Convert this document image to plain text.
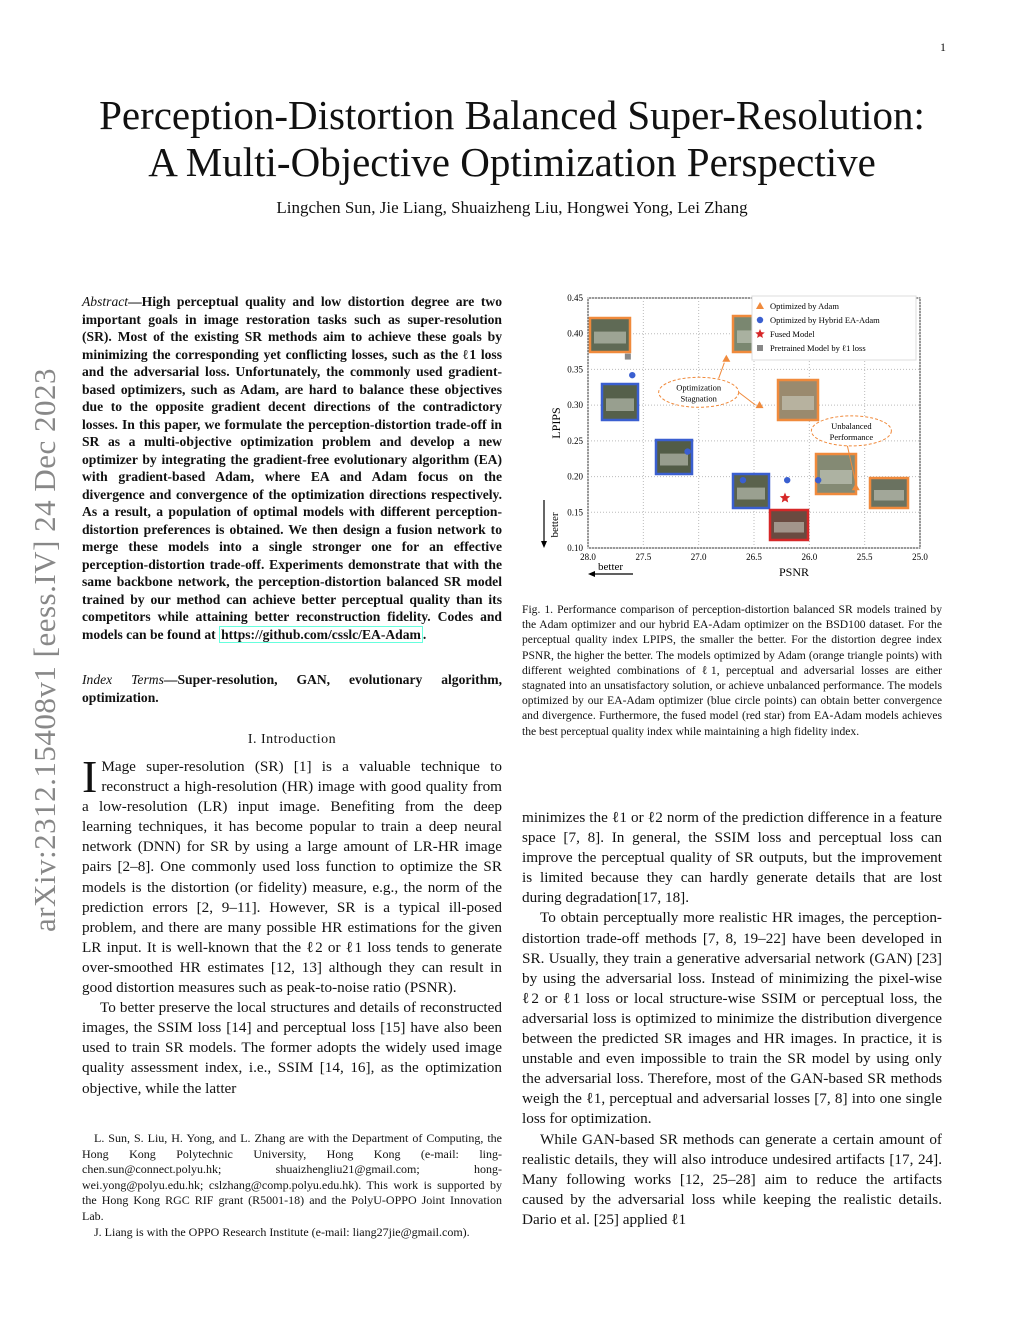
1
arXiv:2312.15408v1 [eess.IV] 24 Dec 2023
Perception-Distortion Balanced Super-Resolution:
A Multi-Objective Optimization Perspective
Lingchen Sun, Jie Liang, Shuaizheng Liu, Hongwei Yong, Lei Zhang
Abstract—High perceptual quality and low distortion degree are two important goals in image restoration tasks such as super-resolution (SR). Most of the existing SR methods aim to achieve these goals by minimizing the corresponding yet conflicting losses, such as the ℓ1 loss and the adversarial loss. Unfortunately, the commonly used gradient-based optimizers, such as Adam, are hard to balance these objectives due to the opposite gradient decent directions of the contradictory losses. In this paper, we formulate the perception-distortion trade-off in SR as a multi-objective optimization problem and develop a new optimizer by integrating the gradient-free evolutionary algorithm (EA) with gradient-based Adam, where EA and Adam focus on the divergence and convergence of the optimization directions respectively. As a result, a population of optimal models with different perception-distortion preferences is obtained. We then design a fusion network to merge these models into a single stronger one for an effective perception-distortion trade-off. Experiments demonstrate that with the same backbone network, the perception-distortion balanced SR model trained by our method can achieve better perceptual quality than its competitors while attaining better reconstruction fidelity. Codes and models can be found at https://github.com/csslc/EA-Adam .
Index Terms—Super-resolution, GAN, evolutionary algorithm, optimization.
I. Introduction

I Mage super-resolution (SR) [1] is a valuable technique to reconstruct a high-resolution (HR) image with good quality from a low-resolution (LR) input image. Benefiting from the deep learning techniques, it has become popular to train a deep neural network (DNN) for SR by using a large amount of LR-HR image pairs [2–8]. One commonly used loss function to optimize the SR models is the distortion (or fidelity) measure, e.g., the norm of the prediction errors [2, 9–11]. However, SR is a typical ill-posed problem, and there are many possible HR estimations for the given LR input. It is well-known that the ℓ2 or ℓ1 loss tends to generate over-smoothed HR estimates [12, 13] although they can result in good distortion measures such as peak-to-noise ratio (PSNR).

To better preserve the local structures and details of reconstructed images, the SSIM loss [14] and perceptual loss [15] have also been used to train SR models. The former adopts the widely used image quality assessment index, i.e., SSIM [14, 16], as the optimization objective, while the latter

L. Sun, S. Liu, H. Yong, and L. Zhang are with the Department of Computing, the Hong Kong Polytechnic University, Hong Kong (e-mail: ling-chen.sun@connect.polyu.hk; shuaizhengliu21@gmail.com; hong-wei.yong@polyu.edu.hk; cslzhang@comp.polyu.edu.hk). This work is supported by the Hong Kong RGC RIF grant (R5001-18) and the PolyU-OPPO Joint Innovation Lab.

J. Liang is with the OPPO Research Institute (e-mail: liang27jie@gmail.com).

28.0	27.5	27.0	26.5	26.0	25.5	25.0
0.10
0.15
0.20
0.25
0.30
0.35
0.40
0.45
PSNR
LPIPS
better
better
Optimization
Stagnation
Unbalanced
Performance
Optimized by Adam
Optimized by Hybrid EA-Adam
Fused Model
Pretrained Model by ℓ1 loss
Fig. 1. Performance comparison of perception-distortion balanced SR models trained by the Adam optimizer and our hybrid EA-Adam optimizer on the BSD100 dataset. For the perceptual quality index LPIPS, the smaller the better. For the distortion degree index PSNR, the higher the better. The models optimized by Adam (orange triangle points) with different weighted combinations of ℓ1, perceptual and adversarial losses are either stagnated into an unsatisfactory solution, or achieve unbalanced performance. The models optimized by our EA-Adam optimizer (blue circle points) can obtain better convergence and divergence. Furthermore, the fused model (red star) from EA-Adam models achieves the best perceptual quality index while maintaining a high fidelity index.

minimizes the ℓ1 or ℓ2 norm of the prediction difference in a feature space [7, 8]. In general, the SSIM loss and perceptual loss can improve the perceptual quality of SR outputs, but the improvement is limited because they can hardly generate details that are lost during degradation[17, 18].

To obtain perceptually more realistic HR images, the perception-distortion trade-off methods [7, 8, 19–22] have been developed in SR. Usually, they train a generative adversarial network (GAN) [23] by using the adversarial loss. Instead of minimizing the pixel-wise ℓ2 or ℓ1 loss or local structure-wise SSIM or perceptual loss, the adversarial loss is optimized to minimize the distribution divergence between the predicted SR images and HR images. In practice, it is unstable and even impossible to train the SR model by using only the adversarial loss. Therefore, most of the GAN-based SR methods weigh the ℓ1, perceptual and adversarial losses [7, 8] into one single loss for optimization.

While GAN-based SR methods can generate a certain amount of realistic details, they will also introduce undesired artifacts [17, 24]. Many following works [12, 25–28] aim to reduce the artifacts caused by the adversarial loss while keeping the realistic details. Dario et al. [25] applied ℓ1
